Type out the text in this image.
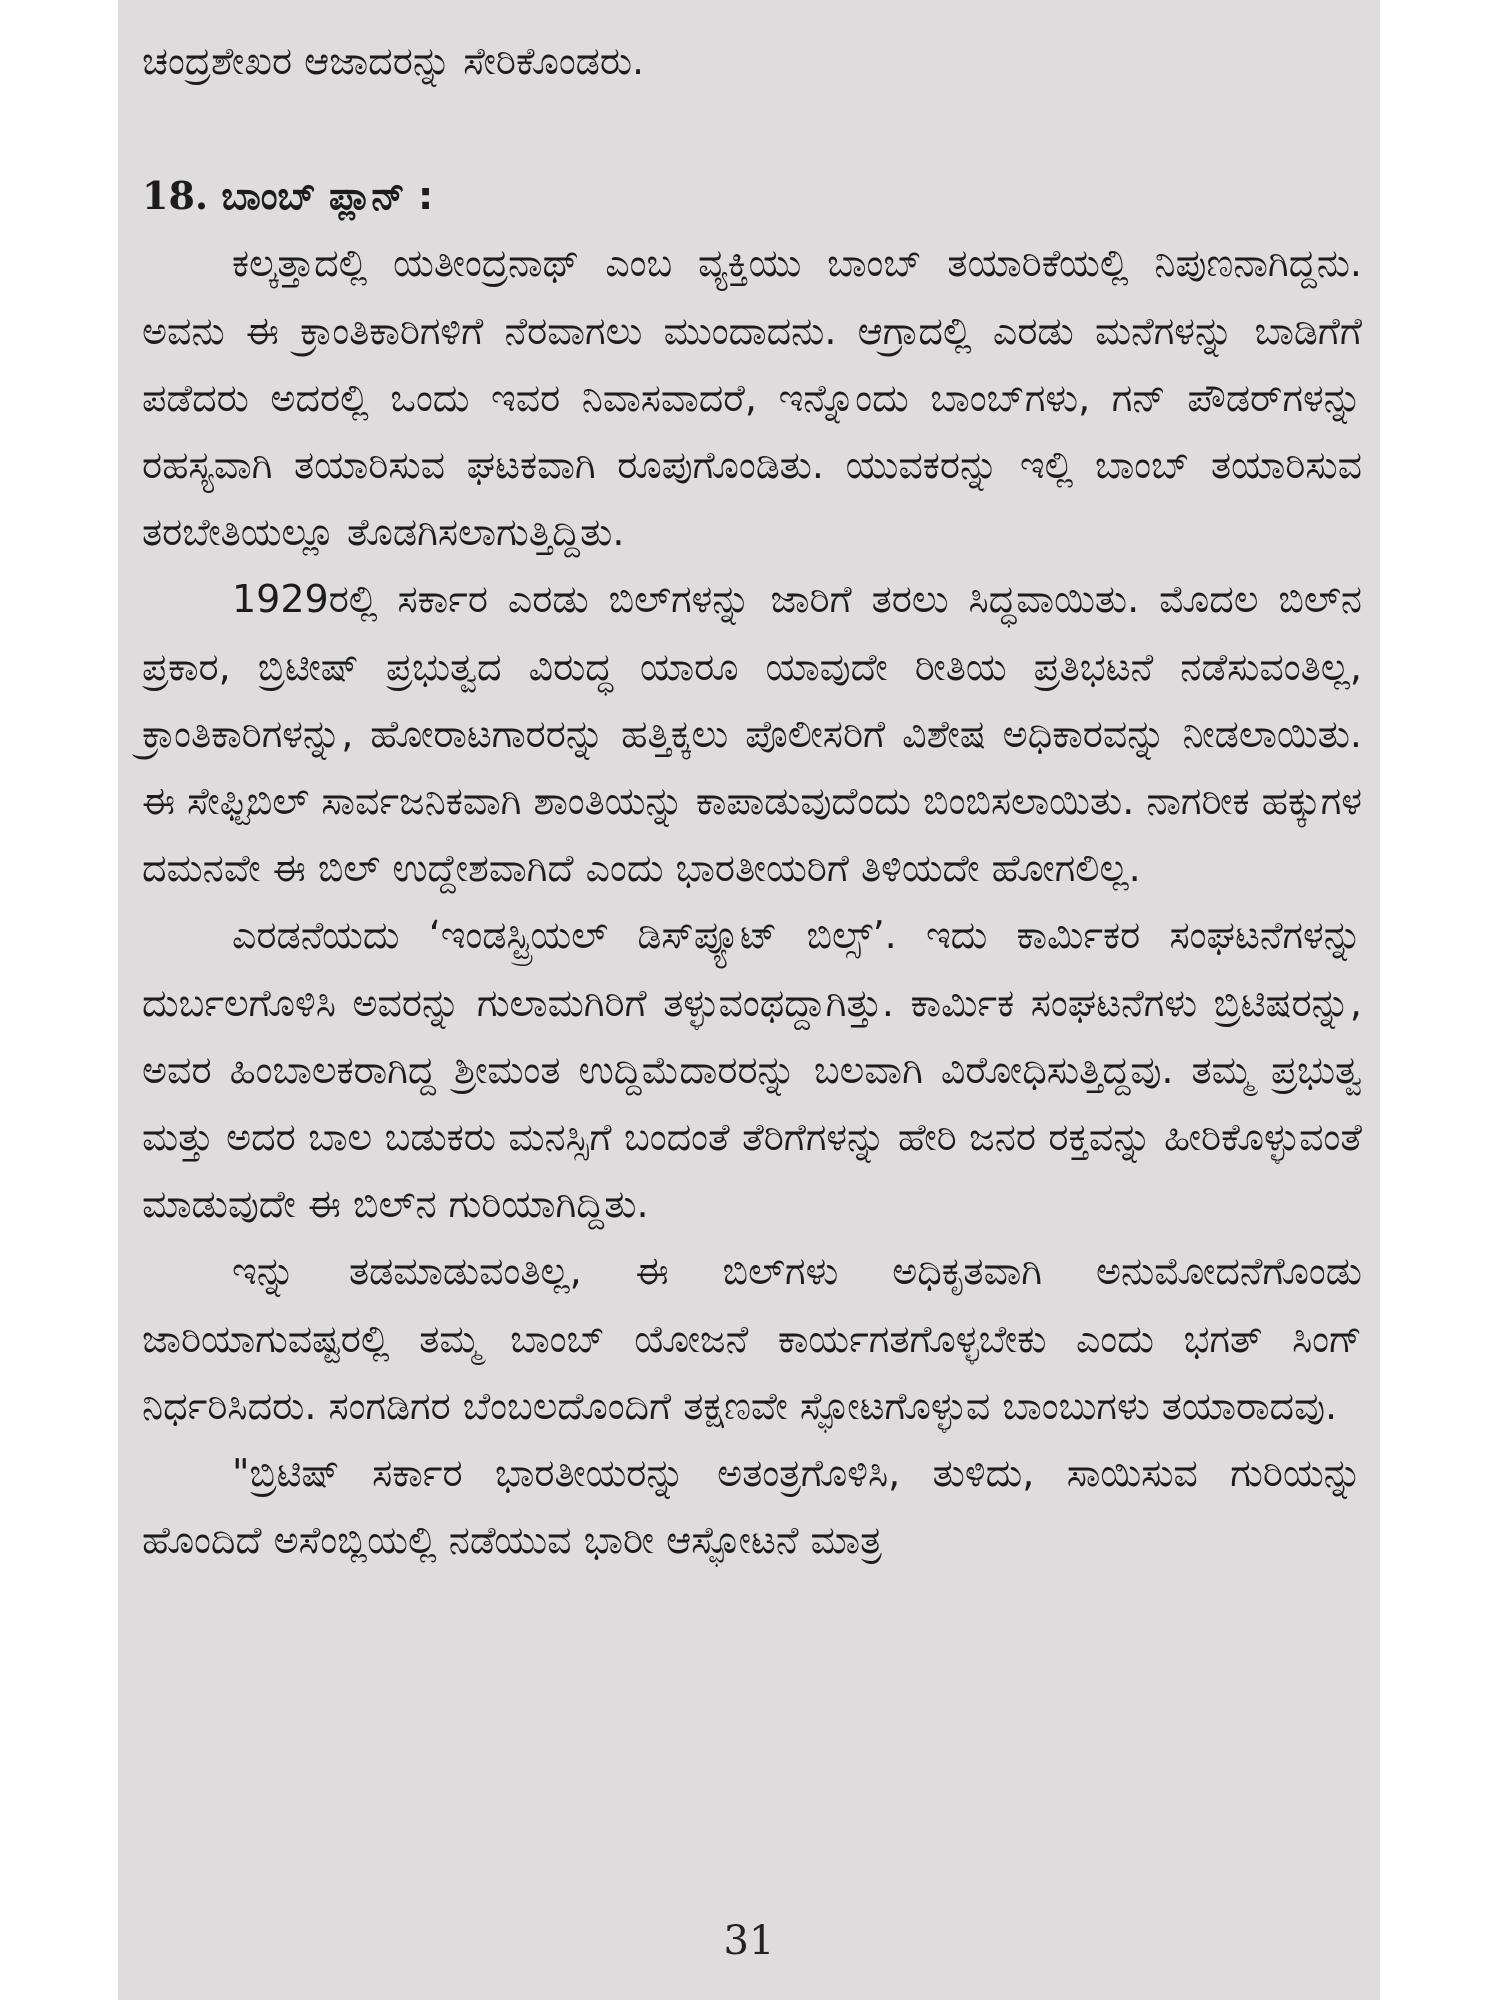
ಚಂದ್ರಶೇಖರ ಆಜಾದರನ್ನು ಸೇರಿಕೊಂಡರು.

18. ಬಾಂಬ್ ಪ್ಲಾನ್ :

ಕಲ್ಕತ್ತಾದಲ್ಲಿ ಯತೀಂದ್ರನಾಥ್ ಎಂಬ ವ್ಯಕ್ತಿಯು ಬಾಂಬ್ ತಯಾರಿಕೆಯಲ್ಲಿ ನಿಪುಣನಾಗಿದ್ದನು. ಅವನು ಈ ಕ್ರಾಂತಿಕಾರಿಗಳಿಗೆ ನೆರವಾಗಲು ಮುಂದಾದನು. ಆಗ್ರಾದಲ್ಲಿ ಎರಡು ಮನೆಗಳನ್ನು ಬಾಡಿಗೆಗೆ ಪಡೆದರು ಅದರಲ್ಲಿ ಒಂದು ಇವರ ನಿವಾಸವಾದರೆ, ಇನ್ನೊಂದು ಬಾಂಬ್‌ಗಳು, ಗನ್ ಪೌಡರ್‌ಗಳನ್ನು ರಹಸ್ಯವಾಗಿ ತಯಾರಿಸುವ ಘಟಕವಾಗಿ ರೂಪುಗೊಂಡಿತು. ಯುವಕರನ್ನು ಇಲ್ಲಿ ಬಾಂಬ್ ತಯಾರಿಸುವ ತರಬೇತಿಯಲ್ಲೂ ತೊಡಗಿಸಲಾಗುತ್ತಿದ್ದಿತು.

1929ರಲ್ಲಿ ಸರ್ಕಾರ ಎರಡು ಬಿಲ್‌ಗಳನ್ನು ಜಾರಿಗೆ ತರಲು ಸಿದ್ಧವಾಯಿತು. ಮೊದಲ ಬಿಲ್‌ನ ಪ್ರಕಾರ, ಬ್ರಿಟೀಷ್ ಪ್ರಭುತ್ವದ ವಿರುದ್ಧ ಯಾರೂ ಯಾವುದೇ ರೀತಿಯ ಪ್ರತಿಭಟನೆ ನಡೆಸುವಂತಿಲ್ಲ, ಕ್ರಾಂತಿಕಾರಿಗಳನ್ನು, ಹೋರಾಟಗಾರರನ್ನು ಹತ್ತಿಕ್ಕಲು ಪೊಲೀಸರಿಗೆ ವಿಶೇಷ ಅಧಿಕಾರವನ್ನು ನೀಡಲಾಯಿತು. ಈ ಸೇಫ್ಟಿಬಿಲ್ ಸಾರ್ವಜನಿಕವಾಗಿ ಶಾಂತಿಯನ್ನು ಕಾಪಾಡುವುದೆಂದು ಬಿಂಬಿಸಲಾಯಿತು. ನಾಗರೀಕ ಹಕ್ಕುಗಳ ದಮನವೇ ಈ ಬಿಲ್ ಉದ್ದೇಶವಾಗಿದೆ ಎಂದು ಭಾರತೀಯರಿಗೆ ತಿಳಿಯದೇ ಹೋಗಲಿಲ್ಲ.

ಎರಡನೆಯದು ‘ಇಂಡಸ್ಟ್ರಿಯಲ್ ಡಿಸ್‌ಪ್ಯೂಟ್ ಬಿಲ್ಸ್’. ಇದು ಕಾರ್ಮಿಕರ ಸಂಘಟನೆಗಳನ್ನು ದುರ್ಬಲಗೊಳಿಸಿ ಅವರನ್ನು ಗುಲಾಮಗಿರಿಗೆ ತಳ್ಳುವಂಥದ್ದಾಗಿತ್ತು. ಕಾರ್ಮಿಕ ಸಂಘಟನೆಗಳು ಬ್ರಿಟಿಷರನ್ನು, ಅವರ ಹಿಂಬಾಲಕರಾಗಿದ್ದ ಶ್ರೀಮಂತ ಉದ್ದಿಮೆದಾರರನ್ನು ಬಲವಾಗಿ ವಿರೋಧಿಸುತ್ತಿದ್ದವು. ತಮ್ಮ ಪ್ರಭುತ್ವ ಮತ್ತು ಅದರ ಬಾಲ ಬಡುಕರು ಮನಸ್ಸಿಗೆ ಬಂದಂತೆ ತೆರಿಗೆಗಳನ್ನು ಹೇರಿ ಜನರ ರಕ್ತವನ್ನು ಹೀರಿಕೊಳ್ಳುವಂತೆ ಮಾಡುವುದೇ ಈ ಬಿಲ್‌ನ ಗುರಿಯಾಗಿದ್ದಿತು.

ಇನ್ನು ತಡಮಾಡುವಂತಿಲ್ಲ, ಈ ಬಿಲ್‌ಗಳು ಅಧಿಕೃತವಾಗಿ ಅನುಮೋದನೆಗೊಂಡು ಜಾರಿಯಾಗುವಷ್ಟರಲ್ಲಿ ತಮ್ಮ ಬಾಂಬ್ ಯೋಜನೆ ಕಾರ್ಯಗತಗೊಳ್ಳಬೇಕು ಎಂದು ಭಗತ್ ಸಿಂಗ್ ನಿರ್ಧರಿಸಿದರು. ಸಂಗಡಿಗರ ಬೆಂಬಲದೊಂದಿಗೆ ತಕ್ಷಣವೇ ಸ್ಫೋಟಗೊಳ್ಳುವ ಬಾಂಬುಗಳು ತಯಾರಾದವು.

"ಬ್ರಿಟಿಷ್ ಸರ್ಕಾರ ಭಾರತೀಯರನ್ನು ಅತಂತ್ರಗೊಳಿಸಿ, ತುಳಿದು, ಸಾಯಿಸುವ ಗುರಿಯನ್ನು ಹೊಂದಿದೆ ಅಸೆಂಬ್ಲಿಯಲ್ಲಿ ನಡೆಯುವ ಭಾರೀ ಆಸ್ಫೋಟನೆ ಮಾತ್ರ

31
